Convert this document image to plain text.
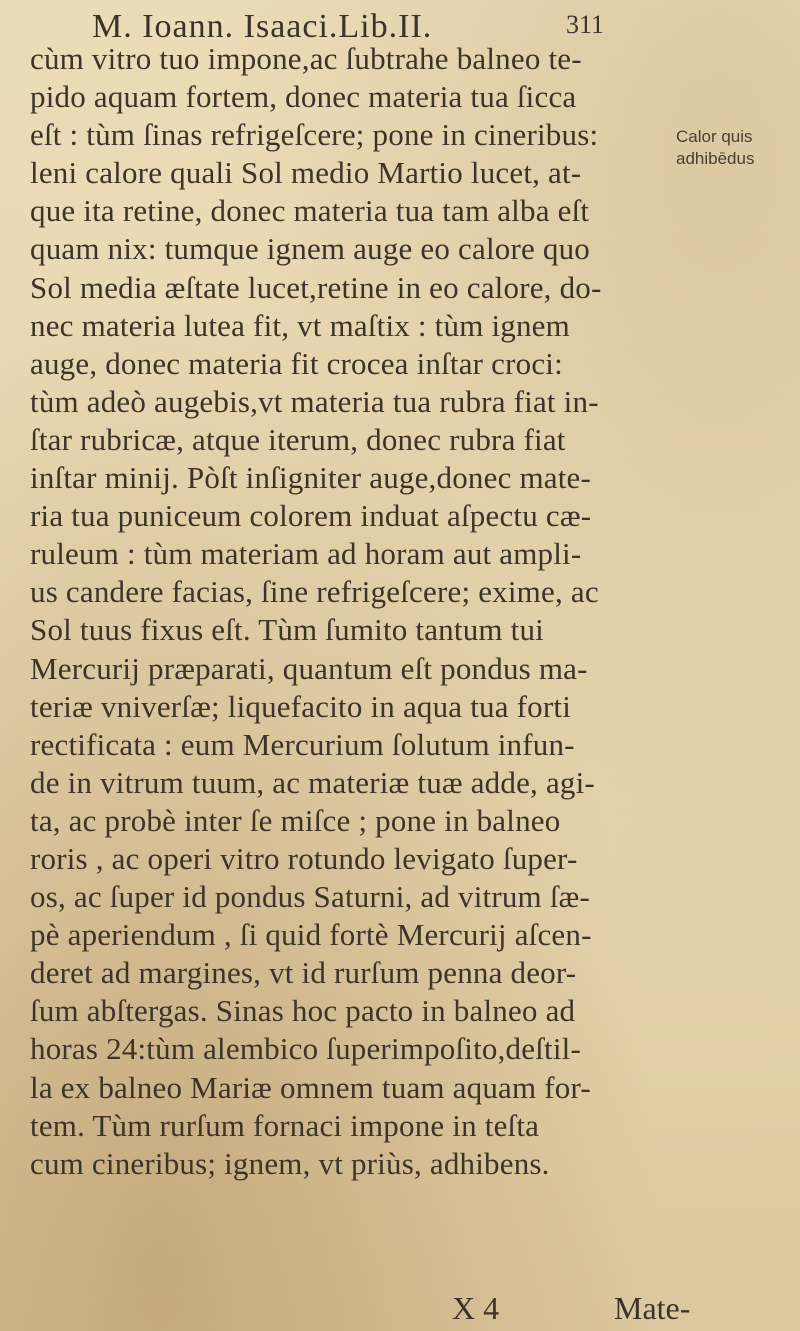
M. Ioann. Isaaci.Lib.II.	311
cùm vitro tuo impone,ac ſubtrahe balneo te-
pido aquam fortem, donec materia tua ſicca
eſt : tùm ſinas refrigeſcere; pone in cineribus:
leni calore quali Sol medio Martio lucet, at-
que ita retine, donec materia tua tam alba eſt
quam nix: tumque ignem auge eo calore quo
Sol media æſtate lucet,retine in eo calore, do-
nec materia lutea fit, vt maſtix : tùm ignem
auge, donec materia fit crocea inſtar croci:
tùm adeò augebis,vt materia tua rubra fiat in-
ſtar rubricæ, atque iterum, donec rubra fiat
inſtar minij. Pòſt inſigniter auge,donec mate-
ria tua puniceum colorem induat aſpectu cæ-
ruleum : tùm materiam ad horam aut ampli-
us candere facias, ſine refrigeſcere; exime, ac
Sol tuus fixus eſt. Tùm ſumito tantum tui
Mercurij præparati, quantum eſt pondus ma-
teriæ vniverſæ; liquefacito in aqua tua forti
rectificata : eum Mercurium ſolutum infun-
de in vitrum tuum, ac materiæ tuæ adde, agi-
ta, ac probè inter ſe miſce ; pone in balneo
roris , ac operi vitro rotundo levigato ſuper-
os, ac ſuper id pondus Saturni, ad vitrum ſæ-
pè aperiendum , ſi quid fortè Mercurij aſcen-
deret ad margines, vt id rurſum penna deor-
ſum abſtergas. Sinas hoc pacto in balneo ad
horas 24:tùm alembico ſuperimpoſito,deſtil-
la ex balneo Mariæ omnem tuam aquam for-
tem. Tùm rurſum fornaci impone in teſta
cum cineribus; ignem, vt priùs, adhibens.
Calor quis
adhibēdus
X 4	Mate-
